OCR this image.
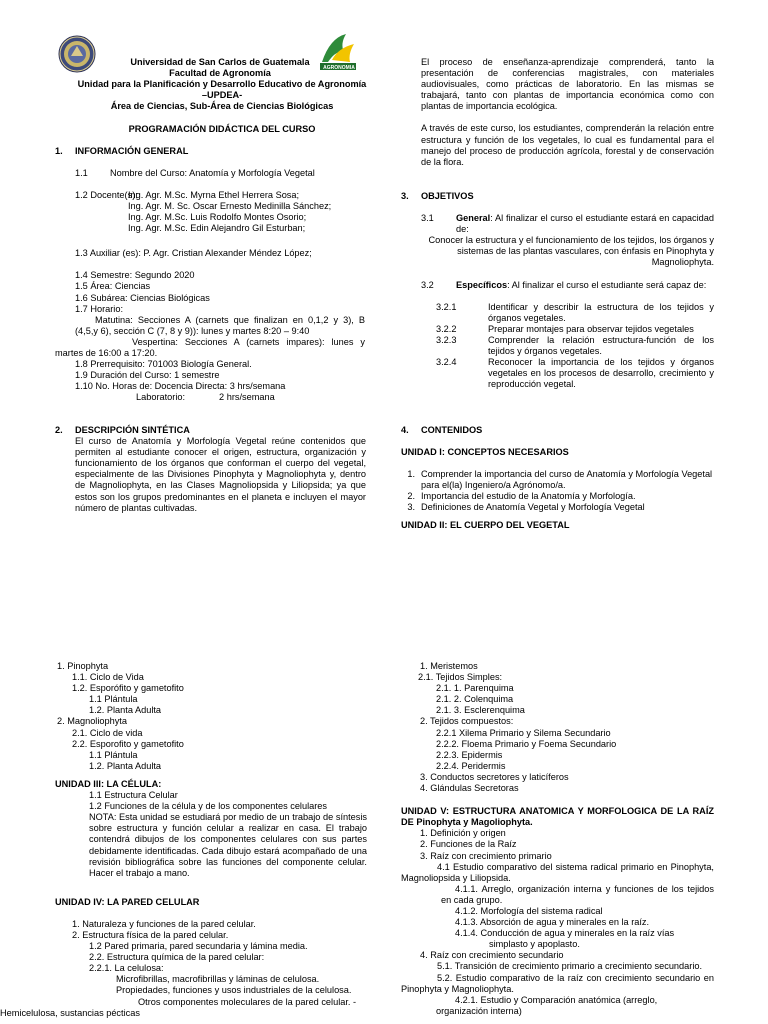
AGRONOMIA

Universidad de San Carlos de Guatemala

Facultad de Agronomía

Unidad para la Planificación y Desarrollo Educativo de Agronomía

–UPDEA-

Área de Ciencias, Sub-Área de Ciencias Biológicas

PROGRAMACIÓN DIDÁCTICA DEL CURSO
1.	INFORMACIÓN GENERAL
1.1	Nombre del Curso: Anatomía y Morfología Vegetal
1.2 Docente(s):

Ing. Agr. M.Sc. Myrna Ethel Herrera Sosa;

Ing. Agr. M. Sc. Oscar Ernesto Medinilla Sánchez;

Ing. Agr. M.Sc. Luis Rodolfo Montes Osorio;

Ing. Agr. M.Sc. Edin Alejandro Gil Esturban;

1.3 Auxiliar (es): P. Agr. Cristian Alexander Méndez López;

1.4 Semestre: Segundo 2020

1.5 Área: Ciencias

1.6 Subárea: Ciencias Biológicas

1.7 Horario:

Matutina: Secciones A (carnets que finalizan en 0,1,2 y 3), B (4,5,y 6), sección C (7, 8 y 9)): lunes y martes 8:20 – 9:40

Vespertina: Secciones A (carnets impares): lunes y martes de 16:00 a 17:20.

1.8 Prerrequisito: 701003 Biología General.

1.9 Duración del Curso: 1 semestre

1.10 No. Horas de: Docencia Directa: 3 hrs/semana

Laboratorio:	2 hrs/semana

2.	DESCRIPCIÓN SINTÉTICA

El curso de Anatomía y Morfología Vegetal reúne contenidos que permiten al estudiante conocer el origen, estructura, organización y funcionamiento de los órganos que conforman el cuerpo del vegetal, especialmente de las Divisiones Pinophyta y Magnoliophyta y, dentro de Magnoliophyta, en las Clases Magnoliopsida y Liliopsida; ya que estos son los grupos predominantes en el planeta e incluyen el mayor número de plantas cultivadas.

El proceso de enseñanza-aprendizaje comprenderá, tanto la presentación de conferencias magistrales, con materiales audiovisuales, como prácticas de laboratorio. En las mismas se trabajará, tanto con plantas de importancia económica como con plantas de importancia ecológica.

A través de este curso, los estudiantes, comprenderán la relación entre estructura y función de los vegetales, lo cual es fundamental para el manejo del proceso de producción agrícola, forestal y de conservación de la flora.

3.	OBJETIVOS
3.1	General: Al finalizar el curso el estudiante estará en capacidad de:

Conocer la estructura y el funcionamiento de los tejidos, los órganos y

sistemas de las plantas vasculares, con énfasis en Pinophyta y Magnoliophyta.

3.2	Específicos: Al finalizar el curso el estudiante será capaz de:
3.2.1	Identificar y describir la estructura de los tejidos y órganos vegetales.
3.2.2	Preparar montajes para observar tejidos vegetales
3.2.3	Comprender la relación estructura-función de los tejidos y órganos vegetales.
3.2.4	Reconocer la importancia de los tejidos y órganos vegetales en los procesos de desarrollo, crecimiento y reproducción vegetal.
4.	CONTENIDOS

UNIDAD I: CONCEPTOS NECESARIOS

1. Comprender la importancia del curso de Anatomía y Morfología Vegetal para el(la) Ingeniero/a Agrónomo/a.
2. Importancia del estudio de la Anatomía y Morfología.
3. Definiciones de Anatomía Vegetal y Morfología Vegetal

UNIDAD II: EL CUERPO DEL VEGETAL

1. Pinophyta

1.1. Ciclo de Vida

1.2. Esporófito y gametofito

1.1 Plántula

1.2. Planta Adulta

2. Magnoliophyta

2.1. Ciclo de vida

2.2. Esporofito y gametofito

1.1 Plántula

1.2. Planta Adulta

UNIDAD III: LA CÉLULA:

1.1 Estructura Celular

1.2 Funciones de la célula y de los componentes celulares

NOTA: Esta unidad se estudiará por medio de un trabajo de síntesis sobre estructura y función celular a realizar en casa. El trabajo contendrá dibujos de los componentes celulares con sus partes debidamente identificadas. Cada dibujo estará acompañado de una revisión bibliográfica sobre las funciones del componente celular. Hacer el trabajo a mano.

UNIDAD IV: LA PARED CELULAR

1. Naturaleza y funciones de la pared celular.

2. Estructura física de la pared celular.

1.2 Pared primaria, pared secundaria y lámina media.

2.2. Estructura química de la pared celular:

2.2.1. La celulosa:

Microfibrillas, macrofibrillas y láminas de celulosa.

Propiedades, funciones y usos industriales de la celulosa.

Otros componentes moleculares de la pared celular. -

Hemicelulosa, sustancias pécticas

1. Meristemos

2.1. Tejidos Simples:

2.1. 1. Parenquima

2.1. 2. Colenquima

2.1. 3. Esclerenquima

2. Tejidos compuestos:

2.2.1 Xilema Primario y Silema Secundario

2.2.2. Floema Primario y Foema Secundario

2.2.3. Epidermis

2.2.4. Peridermis

3. Conductos secretores y laticíferos

4. Glándulas Secretoras

UNIDAD V: ESTRUCTURA ANATOMICA Y MORFOLOGICA DE LA RAÍZ DE Pinophyta y Magoliophyta.

1. Definición y origen

2. Funciones de la Raíz

3. Raíz con crecimiento primario

4.1 Estudio comparativo del sistema radical primario en Pinophyta, Magnoliopsida y Liliopsida.

4.1.1. Arreglo, organización interna y funciones de los tejidos en cada grupo.

4.1.2. Morfología del sistema radical

4.1.3. Absorción de agua y minerales en la raíz.

4.1.4. Conducción de agua y minerales en la raíz vías

simplasto y apoplasto.

4. Raíz con crecimiento secundario

5.1. Transición de crecimiento primario a crecimiento secundario.

5.2. Estudio comparativo de la raíz con crecimiento secundario en Pinophyta y Magnoliophyta.

4.2.1. Estudio y Comparación anatómica (arreglo,

organización interna)
